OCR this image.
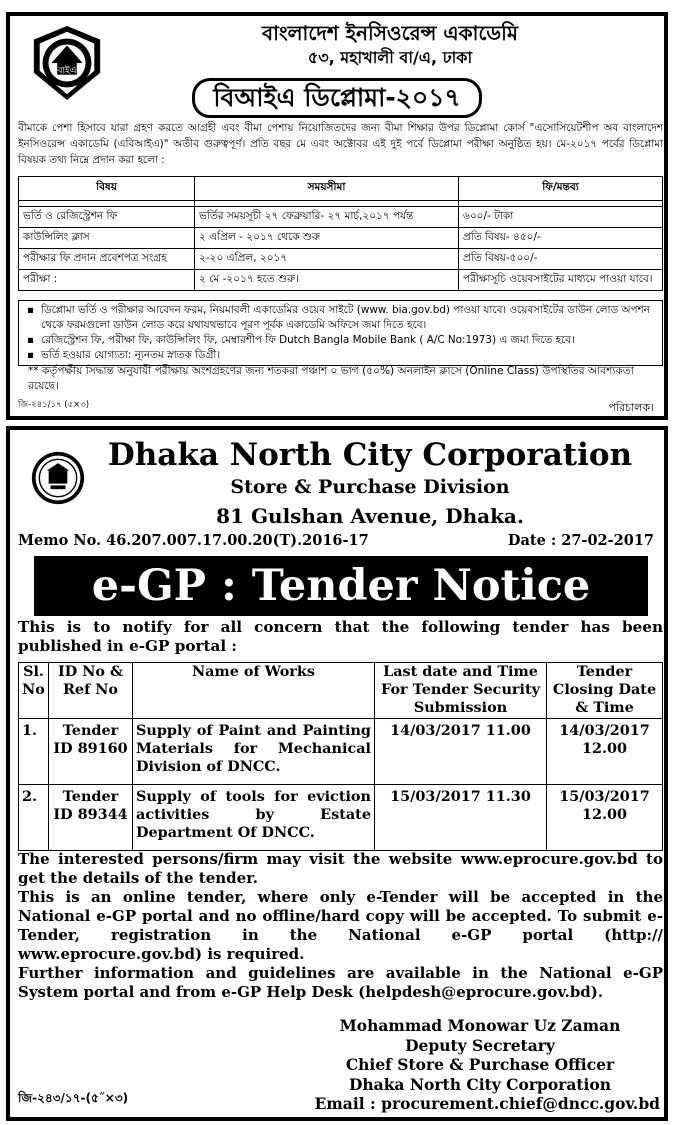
বাইএ
বাংলাদেশ ইনসিওরেন্স একাডেমি
৫৩, মহাখালী বা/এ, ঢাকা
বিআইএ ডিপ্লোমা-২০১৭
বীমাকে পেশা হিসাবে যারা গ্রহণ করতে আগ্রহী এবং বীমা পেশায় নিয়োজিতদের জন্য বীমা শিক্ষার উপর ডিপ্লোমা কোর্স "এসোসিয়েটশীপ অব বাংলাদেশ ইনসিওরেন্স একাডেমি (এবিআইএ)" অতীব গুরুত্বপূর্ণ। প্রতি বছর মে এবং অক্টোবর এই দুই পর্বে ডিপ্লোমা পরীক্ষা অনুষ্ঠিত হয়। মে-২০১৭ পর্বের ডিপ্লোমা বিষয়ক তথ্য নিম্নে প্রদান করা হলো :
বিষয়	সময়সীমা	ফি/মন্তব্য

ভর্তি ও রেজিস্ট্রেশন ফি	ভর্তির সময়সূচী ২৭ ফেব্রুয়ারি- ২৭ মার্চ,২০১৭ পর্যন্ত	৬০০/- টাকা
কাউন্সিলিং ক্লাস	২ এপ্রিল - ২০১৭ থেকে শুরু	প্রতি বিষয়- ৪৫০/-
পরীক্ষার ফি প্রদান প্রবেশপত্র সংগ্রহ	২-২০ এপ্রিল, ২০১৭	প্রতি বিষয়-৫০০/-
পরীক্ষা :	২ মে -২০১৭ হতে শুরু।	পরীক্ষাসূচি ওয়েবসাইটের মাধ্যমে পাওয়া যাবে।
▪ ডিপ্লোমা ভর্তি ও পরীক্ষার আবেদন ফরম, নিয়মাবলী একাডেমির ওয়েব সাইটে (www. bia.gov.bd) পাওয়া যাবে। ওয়েবসাইটের ডাউন লোড অপশন থেকে ফরমগুলো ডাউন লোড করে যথাযথভাবে পূরণ পূর্বক একাডেমি অফিসে জমা দিতে হবে।
▪ রেজিস্ট্রেশন ফি, পরীক্ষা ফি, কাউন্সিলিং ফি, মেম্বারশীপ ফি Dutch Bangla Mobile Bank ( A/C No:1973) এ জমা দিতে হবে।
▪ ভর্তি হওয়ার যোগ্যতা: ন্যূনতম স্নাতক ডিগ্রী।
** কর্তৃপক্ষীয় সিদ্ধান্ত অনুযায়ী পরীক্ষায় অংশগ্রহণের জন্য শতকরা পঞ্চাশ ০ ভাগ (৫০%) অনলাইন ক্লাসে (Online Class) উপস্থিতির আবশ্যকতা রয়েছে।
জি-২৪১/১৭ (৫×৩)	পরিচালক।
Dhaka North City Corporation
Store & Purchase Division
81 Gulshan Avenue, Dhaka.
Memo No. 46.207.007.17.00.20(T).2016-17	Date : 27-02-2017
e-GP : Tender Notice
This is to notify for all concern that the following tender has been published in e-GP portal :
Sl. No	ID No & Ref No	Name of Works	Last date and Time For Tender Security Submission	Tender Closing Date & Time
1.	Tender ID 89160	Supply of Paint and Painting Materials for Mechanical Division of DNCC.	14/03/2017 11.00	14/03/2017 12.00
2.	Tender ID 89344	Supply of tools for eviction activities by Estate Department Of DNCC.	15/03/2017 11.30	15/03/2017 12.00

The interested persons/firm may visit the website www.eprocure.gov.bd to get the details of the tender.

This is an online tender, where only e-Tender will be accepted in the National e-GP portal and no offline/hard copy will be accepted. To submit e-Tender, registration in the National e-GP portal (http:// www.eprocure.gov.bd) is required.

Further information and guidelines are available in the National e-GP System portal and from e-GP Help Desk (helpdesh@eprocure.gov.bd).

Mohammad Monowar Uz Zaman
Deputy Secretary
Chief Store & Purchase Officer
Dhaka North City Corporation
Email : procurement.chief@dncc.gov.bd
জি-২৪৩/১৭-(৫˝×৩)
